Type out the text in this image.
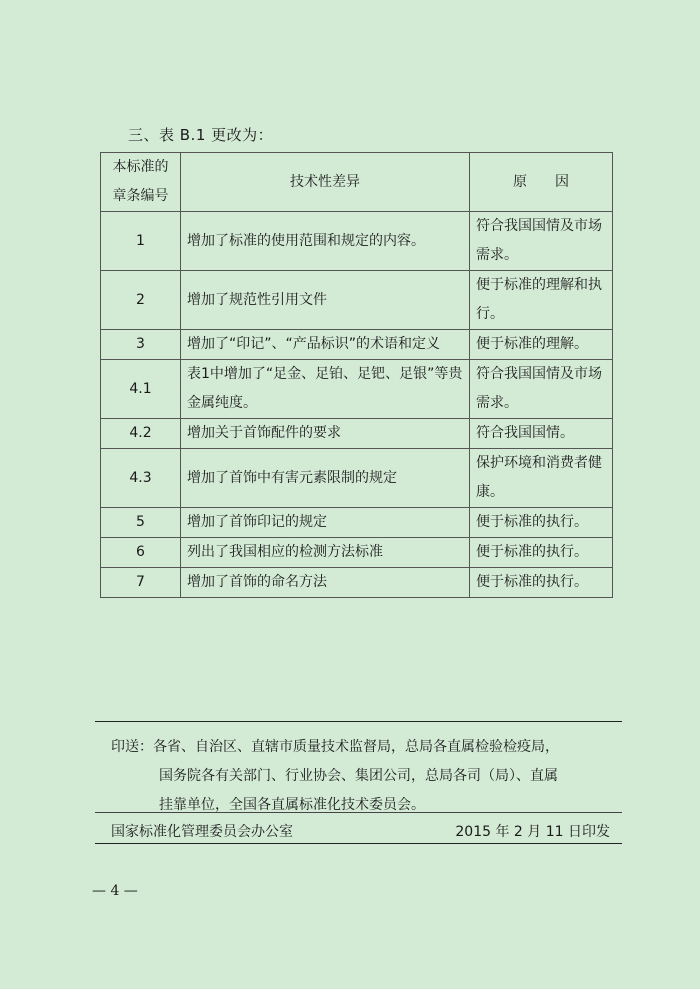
三、表 B.1 更改为：
本标准的
章条编号	技术性差异	原　　因
1	增加了标准的使用范围和规定的内容。	符合我国国情及市场需求。
2	增加了规范性引用文件	便于标准的理解和执行。
3	增加了“印记”、“产品标识”的术语和定义	便于标准的理解。
4.1	表1中增加了“足金、足铂、足钯、足银”等贵金属纯度。	符合我国国情及市场需求。
4.2	增加关于首饰配件的要求	符合我国国情。
4.3	增加了首饰中有害元素限制的规定	保护环境和消费者健康。
5	增加了首饰印记的规定	便于标准的执行。
6	列出了我国相应的检测方法标准	便于标准的执行。
7	增加了首饰的命名方法	便于标准的执行。
印送：各省、自治区、直辖市质量技术监督局，总局各直属检验检疫局，
国务院各有关部门、行业协会、集团公司，总局各司（局）、直属
挂靠单位，全国各直属标准化技术委员会。
国家标准化管理委员会办公室	2015 年 2 月 11 日印发
— 4 —
